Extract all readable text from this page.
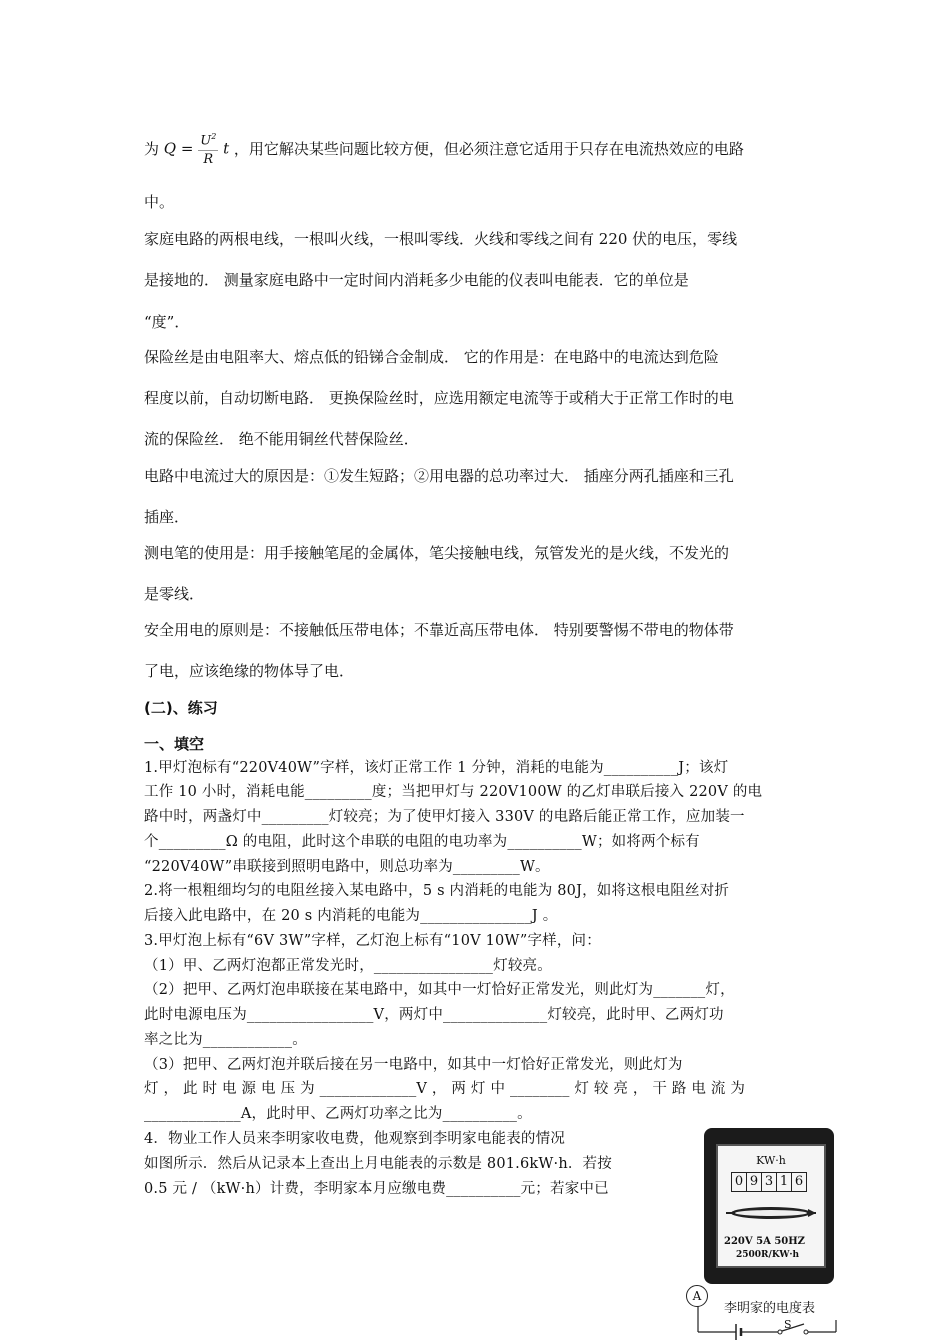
为 $Q = \frac{U^2}{R}$ t ，用它解决某些问题比较方便，但必须注意它适用于只存在电流热效应的电路
中。
家庭电路的两根电线，一根叫火线，一根叫零线．火线和零线之间有 220 伏的电压，零线
是接地的． 测量家庭电路中一定时间内消耗多少电能的仪表叫电能表．它的单位是
“度”．
保险丝是由电阻率大、熔点低的铅锑合金制成． 它的作用是：在电路中的电流达到危险
程度以前，自动切断电路． 更换保险丝时，应选用额定电流等于或稍大于正常工作时的电
流的保险丝． 绝不能用铜丝代替保险丝．
电路中电流过大的原因是：①发生短路；②用电器的总功率过大． 插座分两孔插座和三孔
插座．
测电笔的使用是：用手接触笔尾的金属体，笔尖接触电线，氖管发光的是火线，不发光的
是零线．
安全用电的原则是：不接触低压带电体；不靠近高压带电体． 特别要警惕不带电的物体带
了电，应该绝缘的物体导了电．
(二)、练习
一、填空
1.甲灯泡标有“220V40W”字样，该灯正常工作 1 分钟，消耗的电能为__________J；该灯
工作 10 小时，消耗电能_________度；当把甲灯与 220V100W 的乙灯串联后接入 220V 的电
路中时，两盏灯中_________灯较亮；为了使甲灯接入 330V 的电路后能正常工作，应加装一
个_________Ω 的电阻，此时这个串联的电阻的电功率为__________W；如将两个标有
“220V40W”串联接到照明电路中，则总功率为_________W。
2.将一根粗细均匀的电阻丝接入某电路中，5 s 内消耗的电能为 80J，如将这根电阻丝对折
后接入此电路中，在 20 s 内消耗的电能为_______________J 。
3.甲灯泡上标有“6V 3W”字样，乙灯泡上标有“10V 10W”字样，问：
（1）甲、乙两灯泡都正常发光时，________________灯较亮。
（2）把甲、乙两灯泡串联接在某电路中，如其中一灯恰好正常发光，则此灯为_______灯，
此时电源电压为_________________V，两灯中______________灯较亮，此时甲、乙两灯功
率之比为____________。
（3）把甲、乙两灯泡并联后接在另一电路中，如其中一灯恰好正常发光，则此灯为
灯 ， 此 时 电 源 电 压 为 _____________V ， 两 灯 中 ________ 灯 较 亮 ， 干 路 电 流 为
_____________A，此时甲、乙两灯功率之比为__________。
4．物业工作人员来李明家收电费，他观察到李明家电能表的情况
如图所示．然后从记录本上查出上月电能表的示数是 801.6kW·h．若按
0.5 元 / （kW·h）计费，李明家本月应缴电费__________元；若家中已
KW·h
0 9 3 1 6
220V 5A 50HZ
2500R/KW·h
A
S
李明家的电度表
